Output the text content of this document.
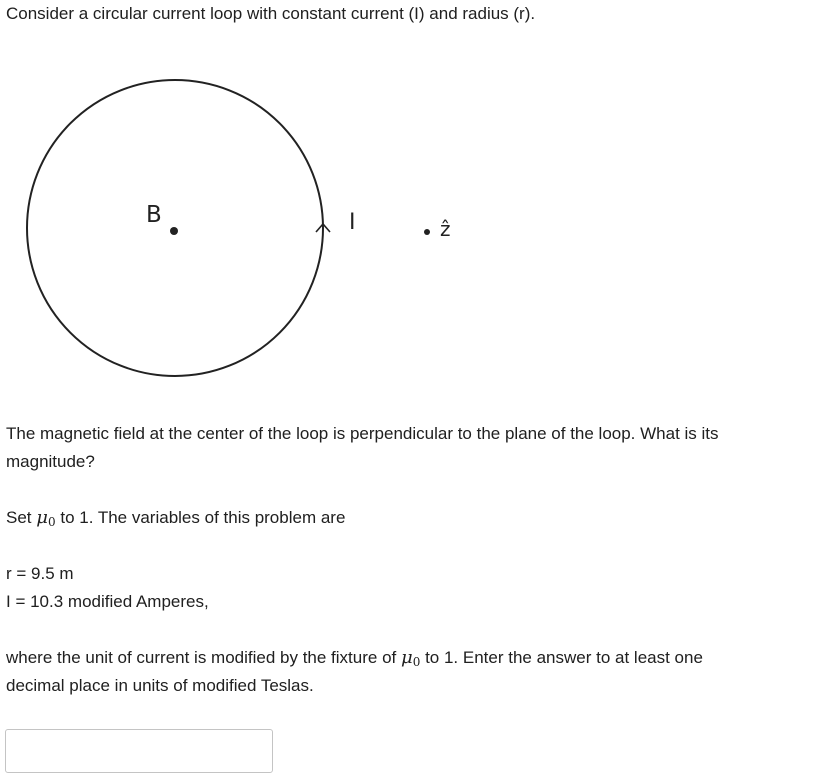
Consider a circular current loop with constant current (I) and radius (r).

B	I	ẑ

The magnetic field at the center of the loop is perpendicular to the plane of the loop. What is its

magnitude?

Set μ0 to 1. The variables of this problem are

r = 9.5 m

I = 10.3 modified Amperes,

where the unit of current is modified by the fixture of μ0 to 1. Enter the answer to at least one

decimal place in units of modified Teslas.
